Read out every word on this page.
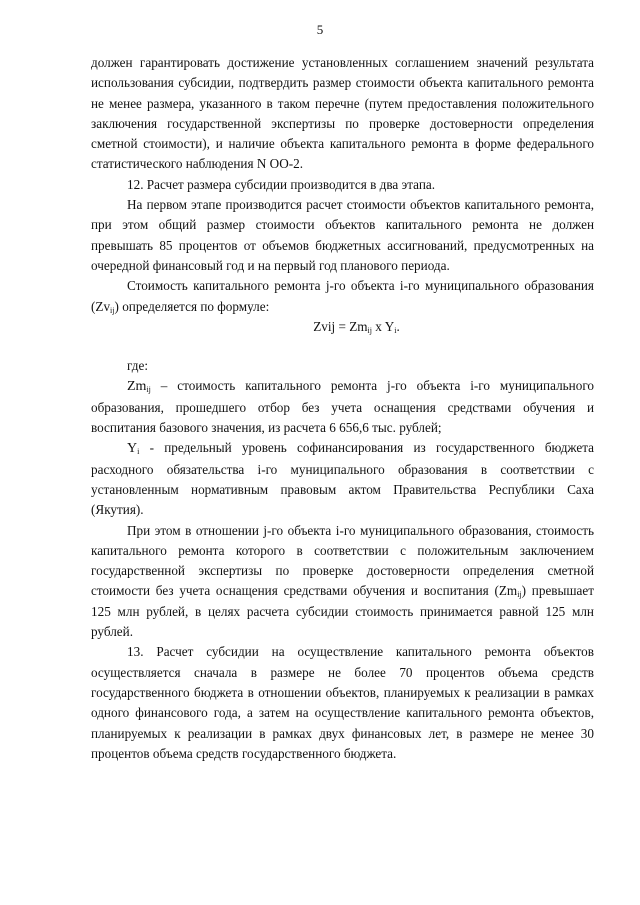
5

должен гарантировать достижение установленных соглашением значений результата использования субсидии, подтвердить размер стоимости объекта капитального ремонта не менее размера, указанного в таком перечне (путем предоставления положительного заключения государственной экспертизы по проверке достоверности определения сметной стоимости), и наличие объекта капитального ремонта в форме федерального статистического наблюдения N ОО-2.

12. Расчет размера субсидии производится в два этапа.

На первом этапе производится расчет стоимости объектов капитального ремонта, при этом общий размер стоимости объектов капитального ремонта не должен превышать 85 процентов от объемов бюджетных ассигнований, предусмотренных на очередной финансовый год и на первый год планового периода.

Стоимость капитального ремонта j-го объекта i-го муниципального образования $(Zv_{ij})$ определяется по формуле:

Zvij = $Zm_{ij}$ x $Y_i$.

где:

$Zm_{ij}$ – стоимость капитального ремонта j-го объекта i-го муниципального образования, прошедшего отбор без учета оснащения средствами обучения и воспитания базового значения, из расчета 6 656,6 тыс. рублей;

$Y_i$ - предельный уровень софинансирования из государственного бюджета расходного обязательства i-го муниципального образования в соответствии с установленным нормативным правовым актом Правительства Республики Саха (Якутия).

При этом в отношении j-го объекта i-го муниципального образования, стоимость капитального ремонта которого в соответствии с положительным заключением государственной экспертизы по проверке достоверности определения сметной стоимости без учета оснащения средствами обучения и воспитания $(Zm_{ij})$ превышает 125 млн рублей, в целях расчета субсидии стоимость принимается равной 125 млн рублей.

13. Расчет субсидии на осуществление капитального ремонта объектов осуществляется сначала в размере не более 70 процентов объема средств государственного бюджета в отношении объектов, планируемых к реализации в рамках одного финансового года, а затем на осуществление капитального ремонта объектов, планируемых к реализации в рамках двух финансовых лет, в размере не менее 30 процентов объема средств государственного бюджета.
